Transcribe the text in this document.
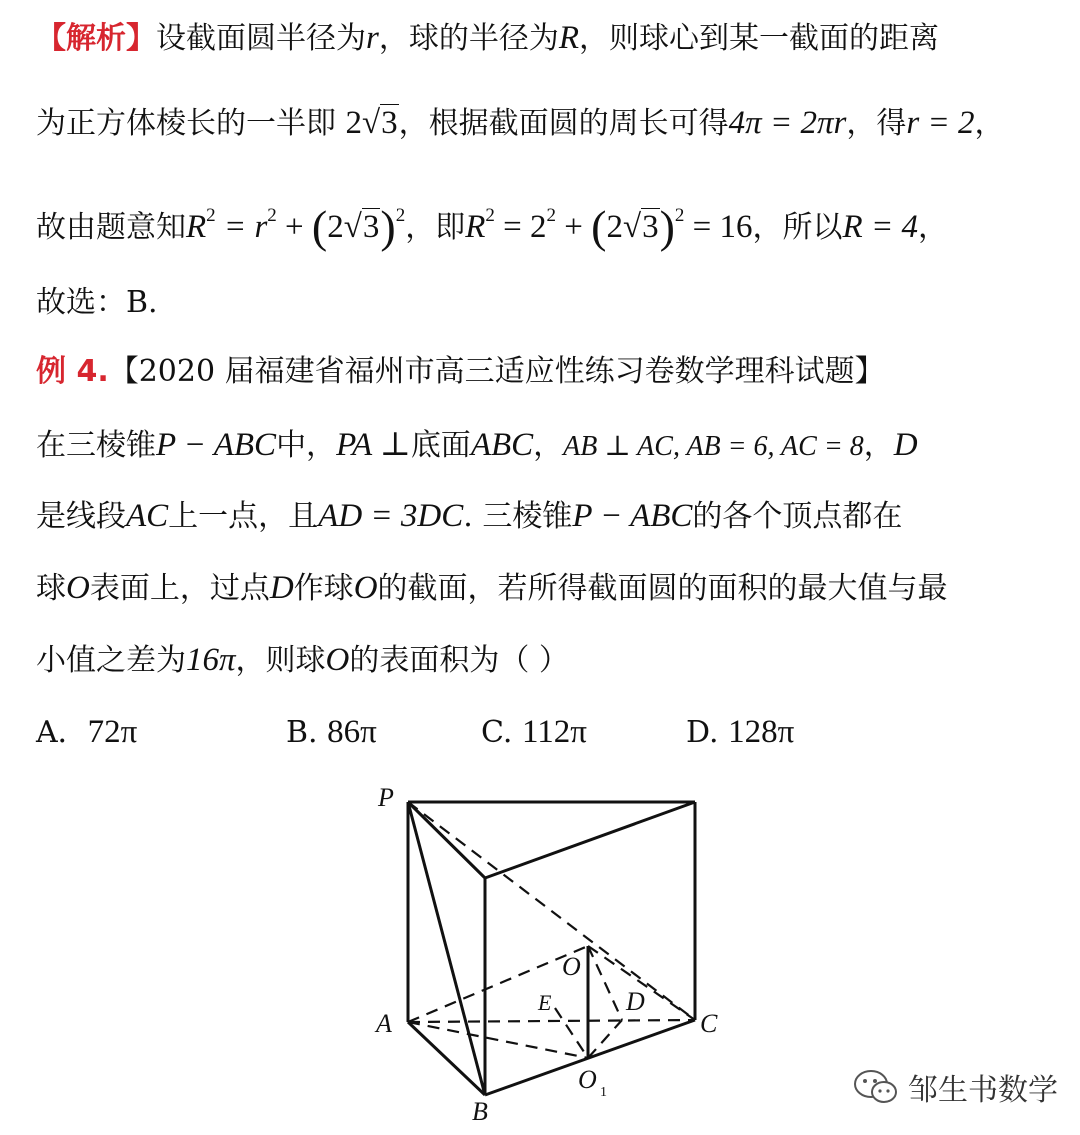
【解析】设截面圆半径为r，球的半径为R，则球心到某一截面的距离
为正方体棱长的一半即 2√3，根据截面圆的周长可得4π = 2πr，得r = 2，
故由题意知$R^2 = r^2 + (2√3)^2$，即$R^2 = 2^2 + (2√3)^2 = 16$，所以R = 4，
故选：B.
例 4.【2020 届福建省福州市高三适应性练习卷数学理科试题】
在三棱锥P − ABC中，PA ⊥底面ABC，AB ⊥ AC, AB = 6, AC = 8，D
是线段AC上一点，且AD = 3DC. 三棱锥P − ABC的各个顶点都在
球O表面上，过点D作球O的截面，若所得截面圆的面积的最大值与最
小值之差为16π，则球O的表面积为（ ）
A．72π	B. 86π	C. 112π	D. 128π
P
A
B
C
O
E	D
O 1	邹生书数学
